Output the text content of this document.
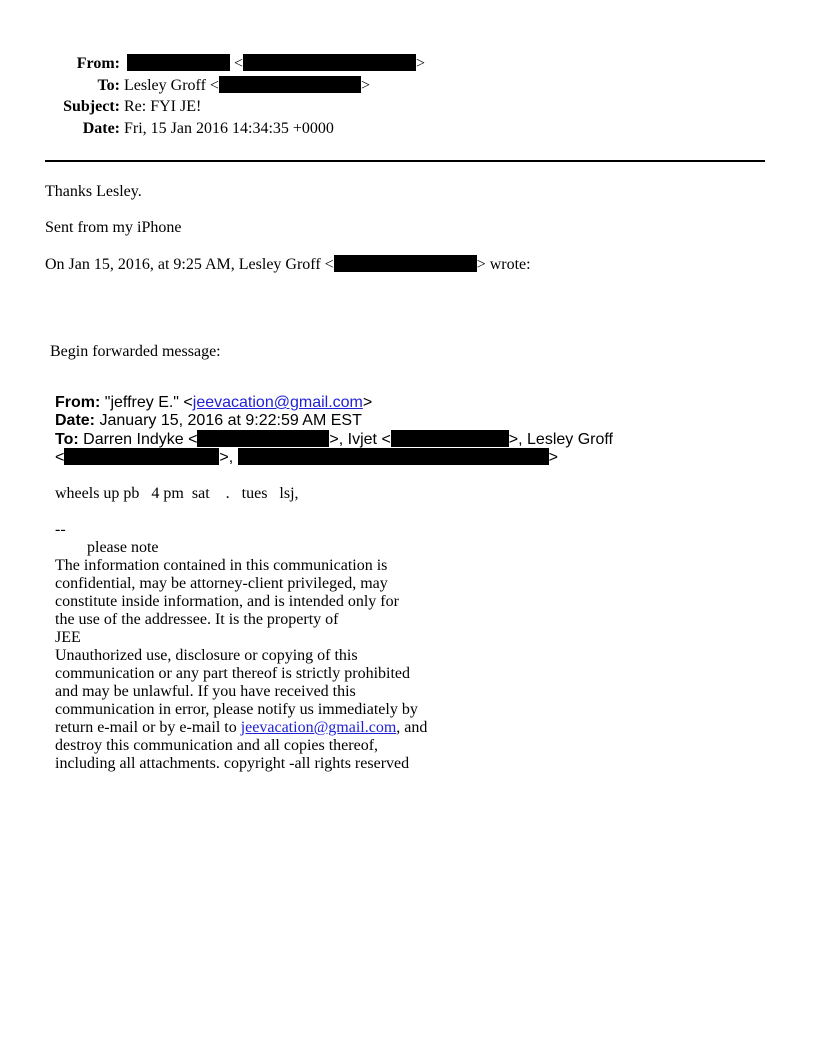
From:	<	>
To: Lesley Groff <	>
Subject: Re: FYI JE!
Date: Fri, 15 Jan 2016 14:34:35 +0000
Thanks Lesley.
Sent from my iPhone
On Jan 15, 2016, at 9:25 AM, Lesley Groff <	> wrote:
Begin forwarded message:
From: "jeffrey E." <jeevacation@gmail.com>
Date: January 15, 2016 at 9:22:59 AM EST
To: Darren Indyke <	>, Ivjet <	>, Lesley Groff
<	>,	>
wheels up pb   4 pm  sat    .   tues   lsj,
--
please note
The information contained in this communication is
confidential, may be attorney-client privileged, may
constitute inside information, and is intended only for
the use of the addressee. It is the property of
JEE
Unauthorized use, disclosure or copying of this
communication or any part thereof is strictly prohibited
and may be unlawful. If you have received this
communication in error, please notify us immediately by
return e-mail or by e-mail to jeevacation@gmail.com, and
destroy this communication and all copies thereof,
including all attachments. copyright -all rights reserved
